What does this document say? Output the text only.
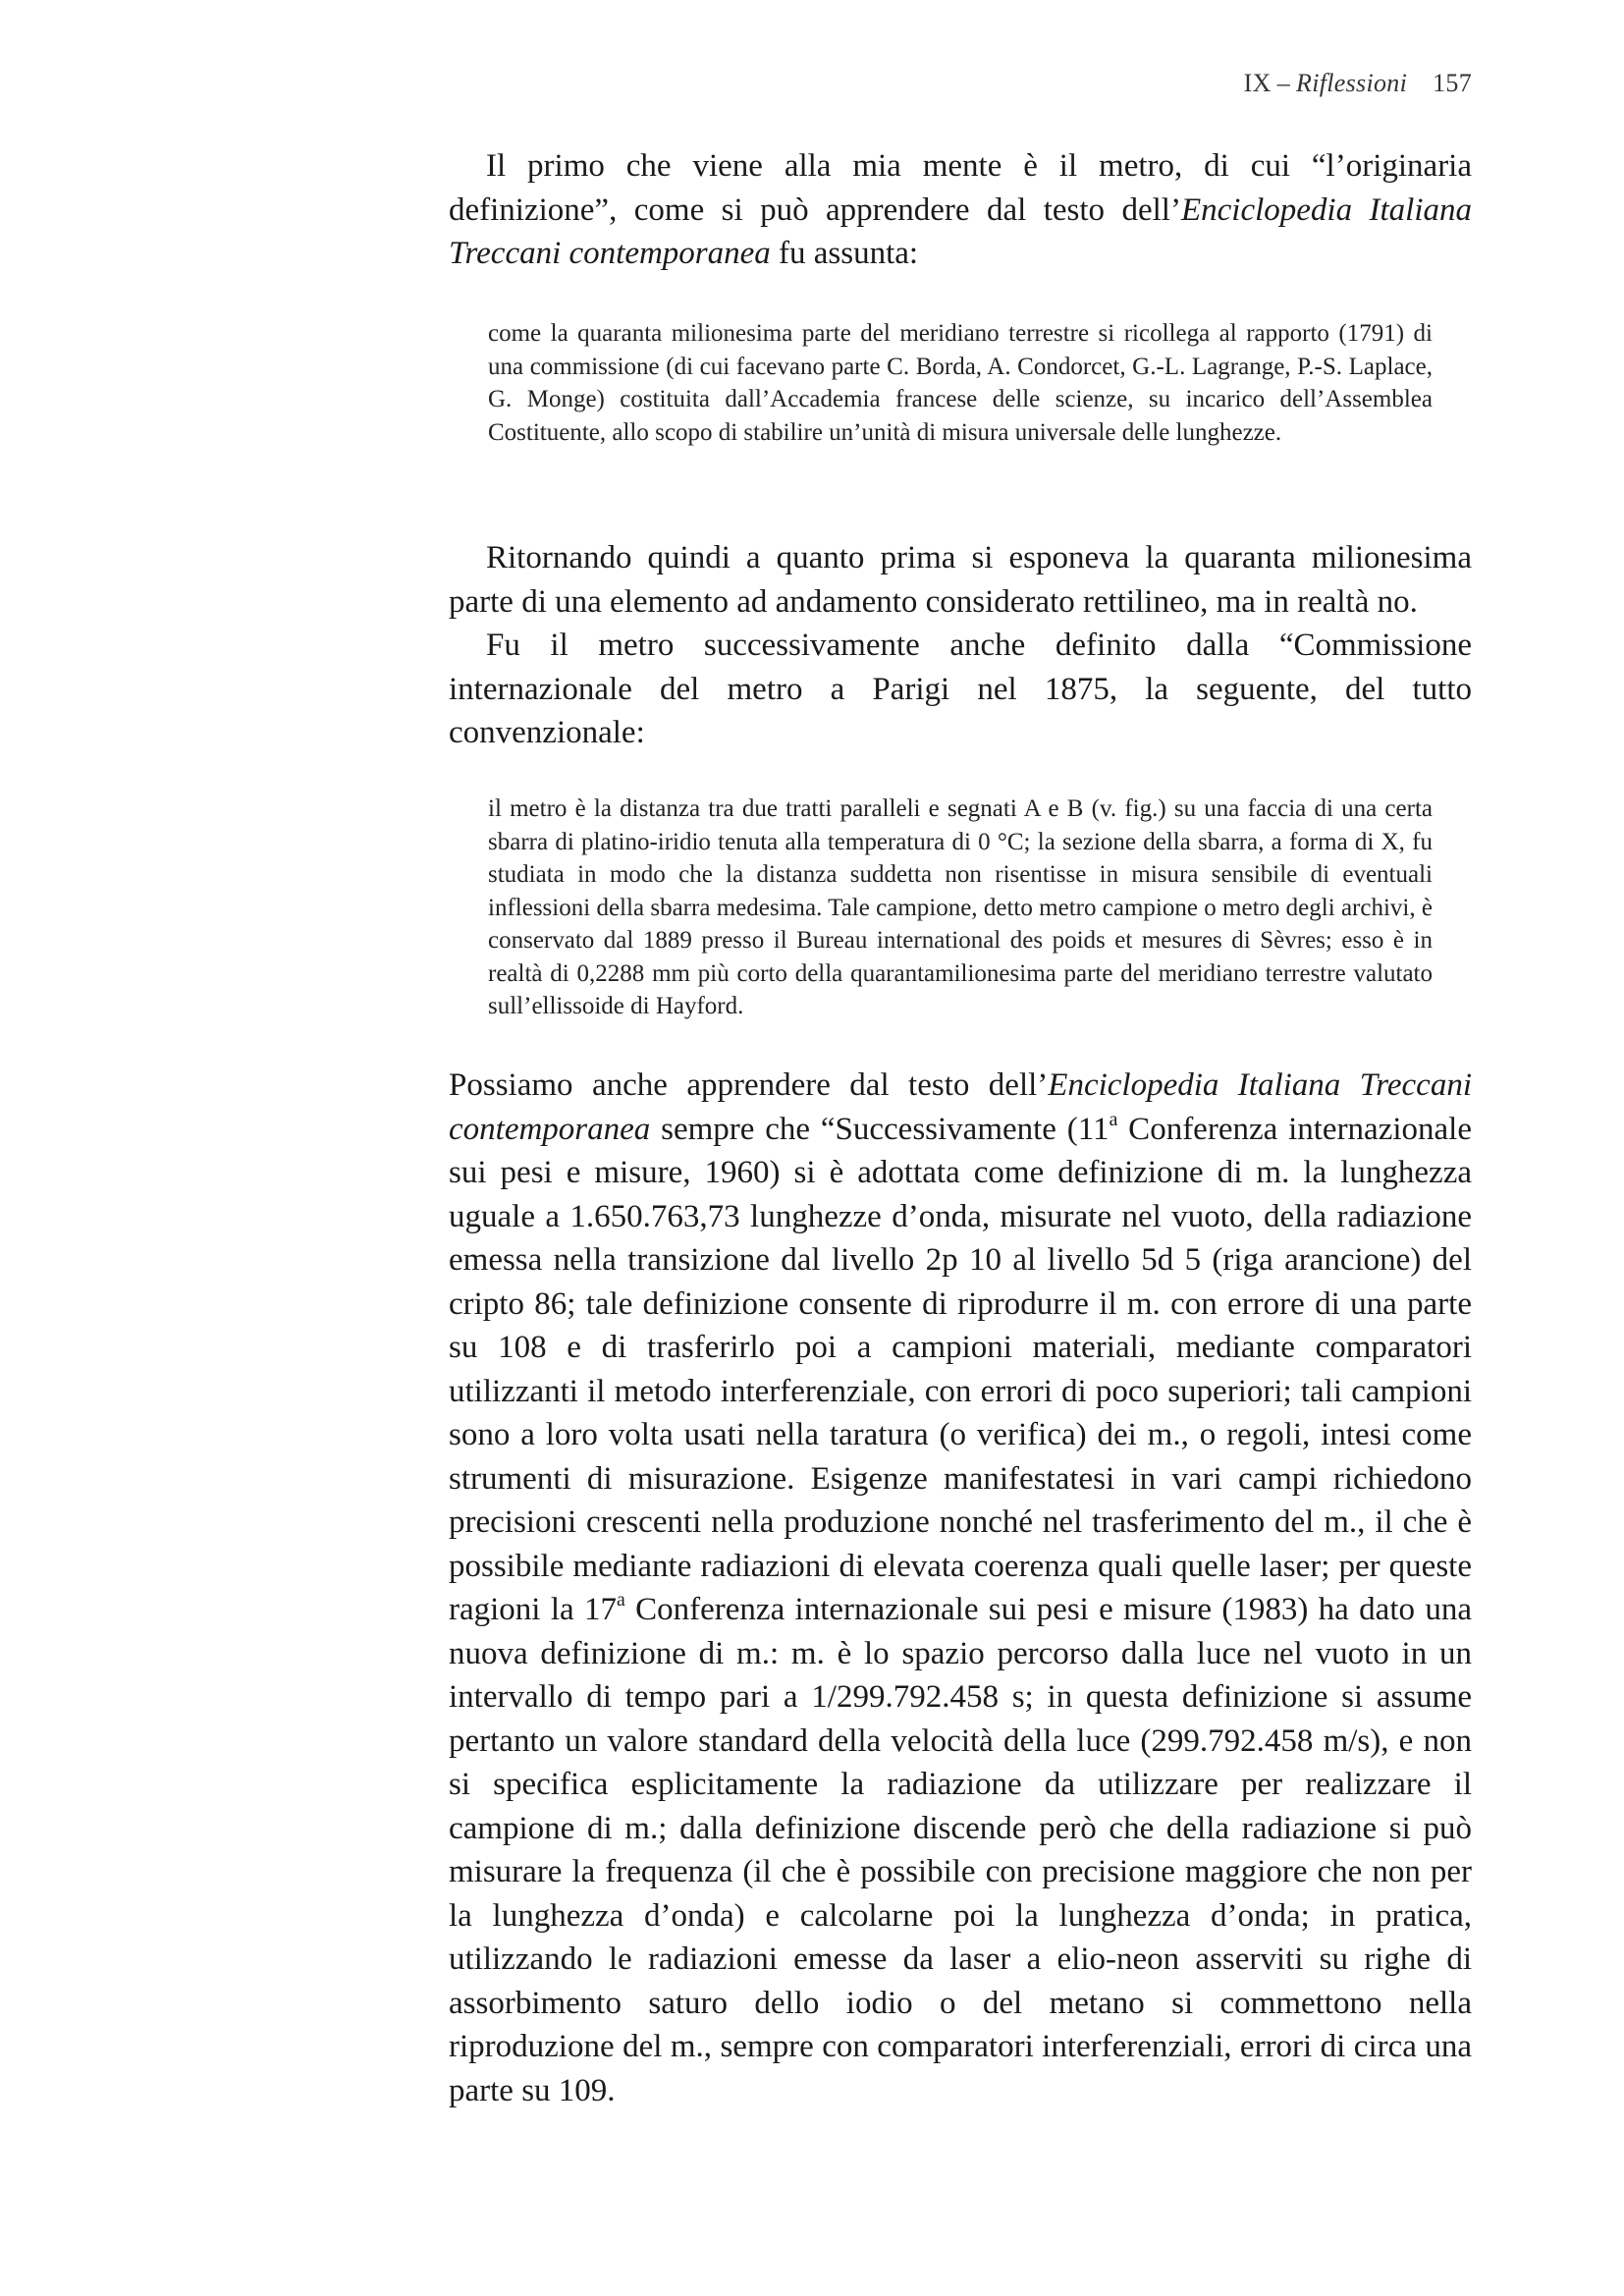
IX – Riflessioni 157

Il primo che viene alla mia mente è il metro, di cui “l’originaria definizione”, come si può apprendere dal testo dell’Enciclopedia Italiana Treccani contemporanea fu assunta:

come la quaranta milionesima parte del meridiano terrestre si ricollega al rapporto (1791) di una commissione (di cui facevano parte C. Borda, A. Condorcet, G.-L. Lagrange, P.-S. Laplace, G. Monge) costituita dall’Accademia francese delle scienze, su incarico dell’Assemblea Costituente, allo scopo di stabilire un’unità di misura universale delle lunghezze.

Ritornando quindi a quanto prima si esponeva la quaranta milionesima parte di una elemento ad andamento considerato rettilineo, ma in realtà no.

Fu il metro successivamente anche definito dalla “Commissione internazionale del metro a Parigi nel 1875, la seguente, del tutto convenzionale:

il metro è la distanza tra due tratti paralleli e segnati A e B (v. fig.) su una faccia di una certa sbarra di platino-iridio tenuta alla temperatura di 0 °C; la sezione della sbarra, a forma di X, fu studiata in modo che la distanza suddetta non risentisse in misura sensibile di eventuali inflessioni della sbarra medesima. Tale campione, detto metro campione o metro degli archivi, è conservato dal 1889 presso il Bureau international des poids et mesures di Sèvres; esso è in realtà di 0,2288 mm più corto della quarantamilionesima parte del meridiano terrestre valutato sull’ellissoide di Hayford.

Possiamo anche apprendere dal testo dell’Enciclopedia Italiana Treccani contemporanea sempre che “Successivamente (11$^a$ Conferenza internazionale sui pesi e misure, 1960) si è adottata come definizione di m. la lunghezza uguale a 1.650.763,73 lunghezze d’onda, misurate nel vuoto, della radiazione emessa nella transizione dal livello 2p 10 al livello 5d 5 (riga arancione) del cripto 86; tale definizione consente di riprodurre il m. con errore di una parte su 108 e di trasferirlo poi a campioni materiali, mediante comparatori utilizzanti il metodo interferenziale, con errori di poco superiori; tali campioni sono a loro volta usati nella taratura (o verifica) dei m., o regoli, intesi come strumenti di misurazione. Esigenze manifestatesi in vari campi richiedono precisioni crescenti nella produzione nonché nel trasferimento del m., il che è possibile mediante radiazioni di elevata coerenza quali quelle laser; per queste ragioni la 17$^a$ Conferenza internazionale sui pesi e misure (1983) ha dato una nuova definizione di m.: m. è lo spazio percorso dalla luce nel vuoto in un intervallo di tempo pari a 1/299.792.458 s; in questa definizione si assume pertanto un valore standard della velocità della luce (299.792.458 m/s), e non si specifica esplicitamente la radiazione da utilizzare per realizzare il campione di m.; dalla definizione discende però che della radiazione si può misurare la frequenza (il che è possibile con precisione maggiore che non per la lunghezza d’onda) e calcolarne poi la lunghezza d’onda; in pratica, utilizzando le radiazioni emesse da laser a elio-neon asserviti su righe di assorbimento saturo dello iodio o del metano si commettono nella riproduzione del m., sempre con comparatori interferenziali, errori di circa una parte su 109.
